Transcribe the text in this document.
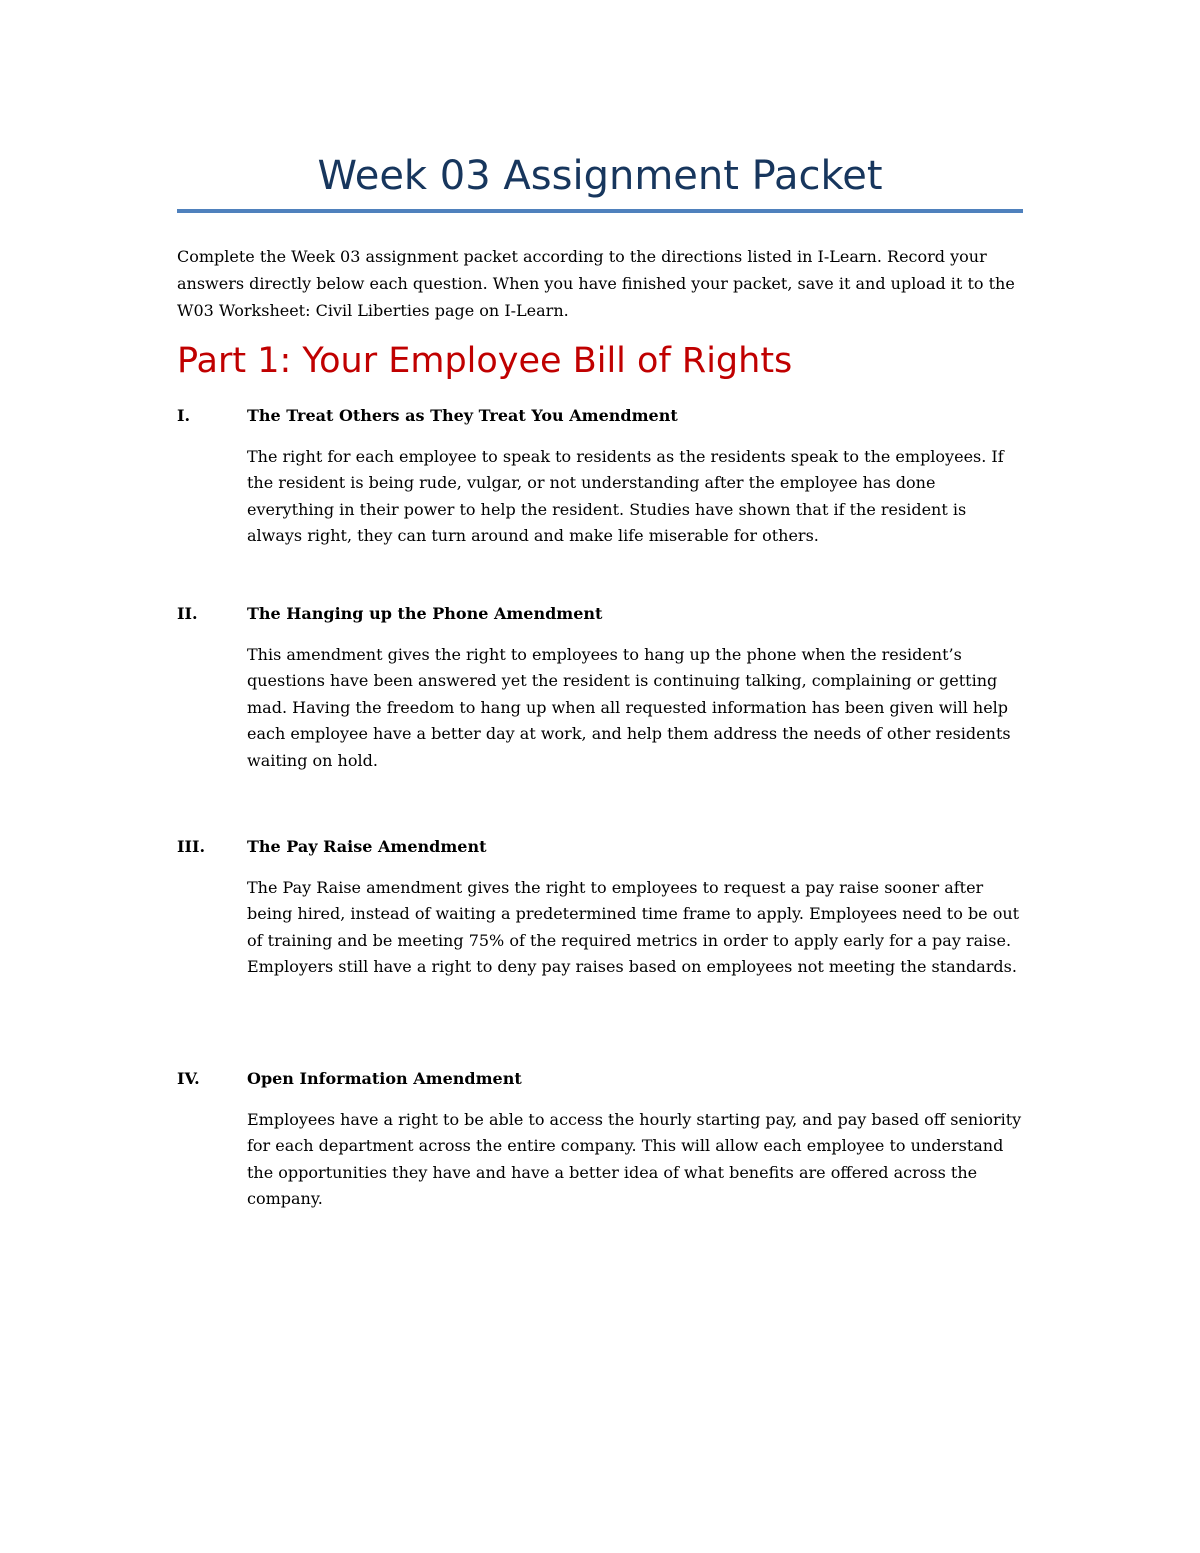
Week 03 Assignment Packet

Complete the Week 03 assignment packet according to the directions listed in I-Learn. Record your answers directly below each question. When you have finished your packet, save it and upload it to the W03 Worksheet: Civil Liberties page on I-Learn.

Part 1: Your Employee Bill of Rights
I.	The Treat Others as They Treat You Amendment

The right for each employee to speak to residents as the residents speak to the employees. If the resident is being rude, vulgar, or not understanding after the employee has done everything in their power to help the resident. Studies have shown that if the resident is always right, they can turn around and make life miserable for others.

II.	The Hanging up the Phone Amendment

This amendment gives the right to employees to hang up the phone when the resident’s questions have been answered yet the resident is continuing talking, complaining or getting mad. Having the freedom to hang up when all requested information has been given will help each employee have a better day at work, and help them address the needs of other residents waiting on hold.

III.	The Pay Raise Amendment

The Pay Raise amendment gives the right to employees to request a pay raise sooner after being hired, instead of waiting a predetermined time frame to apply. Employees need to be out of training and be meeting 75% of the required metrics in order to apply early for a pay raise. Employers still have a right to deny pay raises based on employees not meeting the standards.

IV.	Open Information Amendment

Employees have a right to be able to access the hourly starting pay, and pay based off seniority for each department across the entire company. This will allow each employee to understand the opportunities they have and have a better idea of what benefits are offered across the company.
